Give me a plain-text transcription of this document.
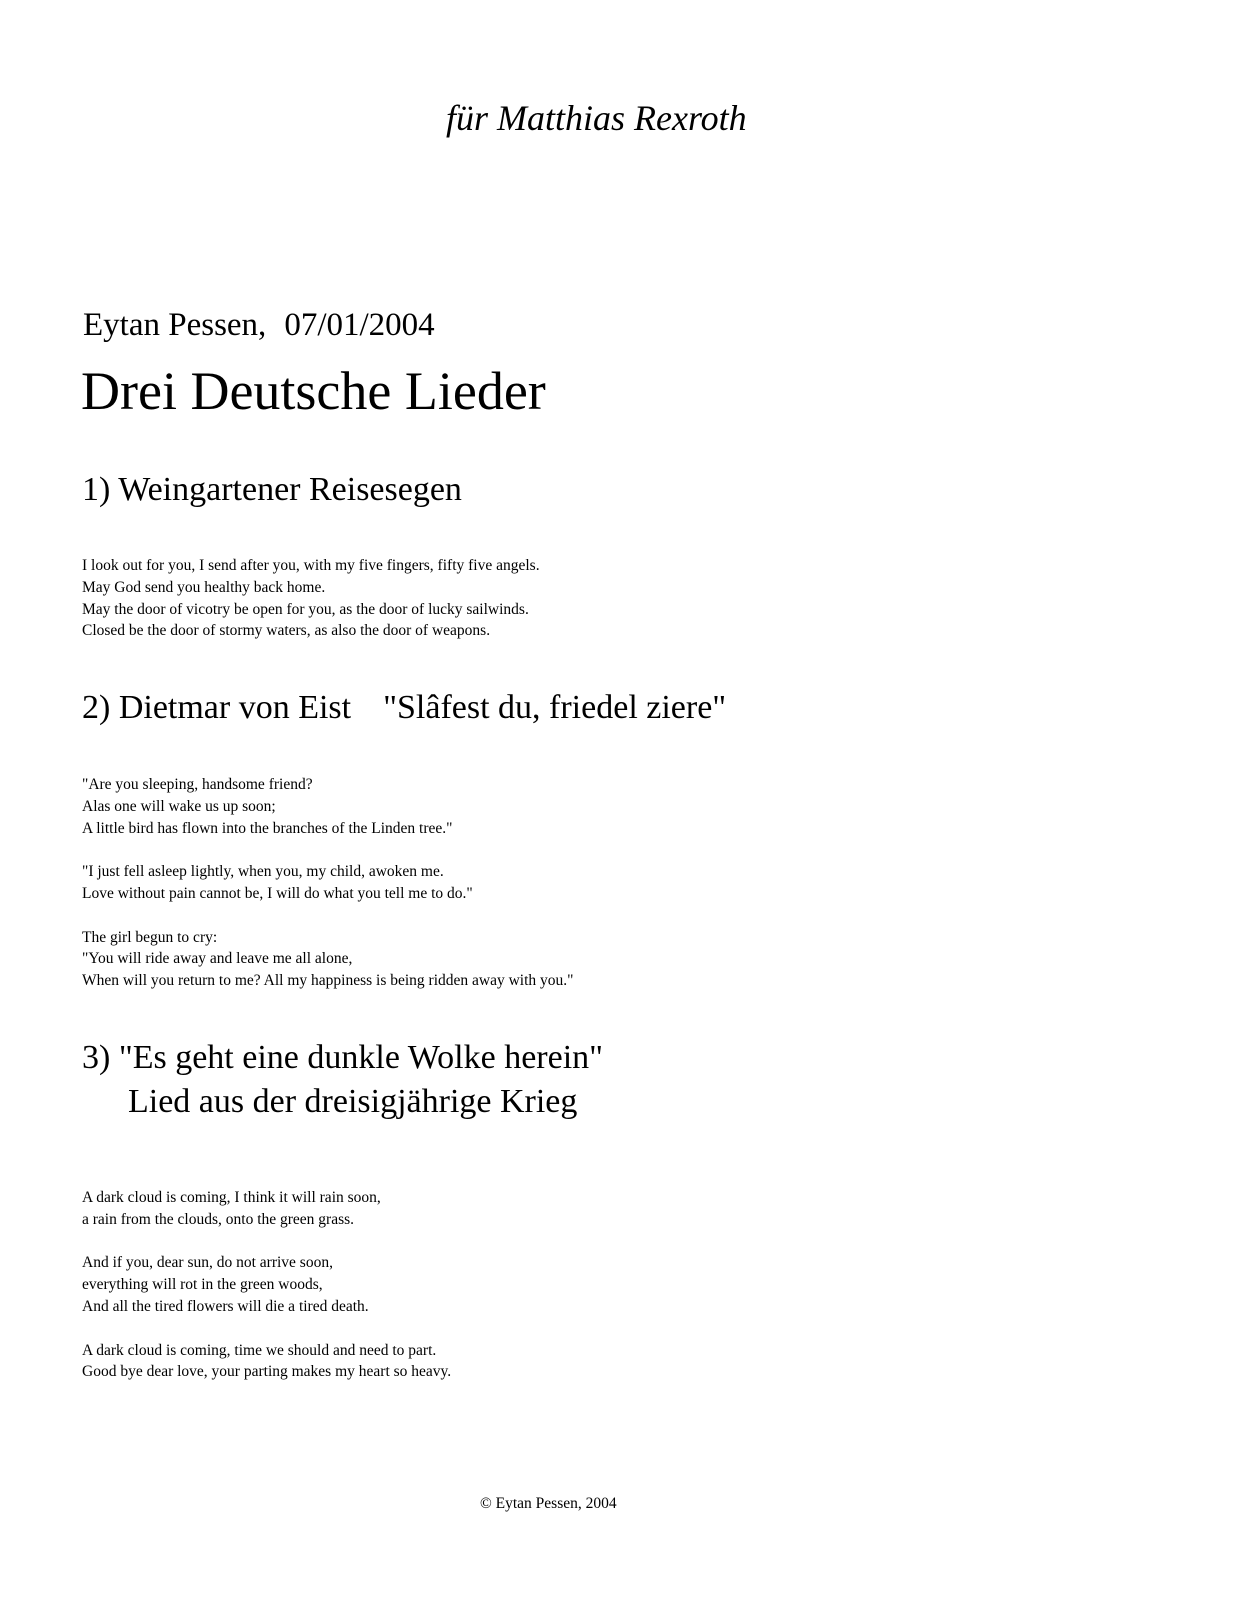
für Matthias Rexroth

Eytan Pessen, 07/01/2004

Drei Deutsche Lieder
1) Weingartener Reisesegen
I look out for you, I send after you, with my five fingers, fifty five angels.
May God send you healthy back home.
May the door of vicotry be open for you, as the door of lucky sailwinds.
Closed be the door of stormy waters, as also the door of weapons.
2) Dietmar von Eist "Slâfest du, friedel ziere"
"Are you sleeping, handsome friend?
Alas one will wake us up soon;
A little bird has flown into the branches of the Linden tree."
"I just fell asleep lightly, when you, my child, awoken me.
Love without pain cannot be, I will do what you tell me to do."
The girl begun to cry:
"You will ride away and leave me all alone,
When will you return to me? All my happiness is being ridden away with you."
3) "Es geht eine dunkle Wolke herein"
Lied aus der dreisigjährige Krieg
A dark cloud is coming, I think it will rain soon,
a rain from the clouds, onto the green grass.
And if you, dear sun, do not arrive soon,
everything will rot in the green woods,
And all the tired flowers will die a tired death.
A dark cloud is coming, time we should and need to part.
Good bye dear love, your parting makes my heart so heavy.

© Eytan Pessen, 2004
